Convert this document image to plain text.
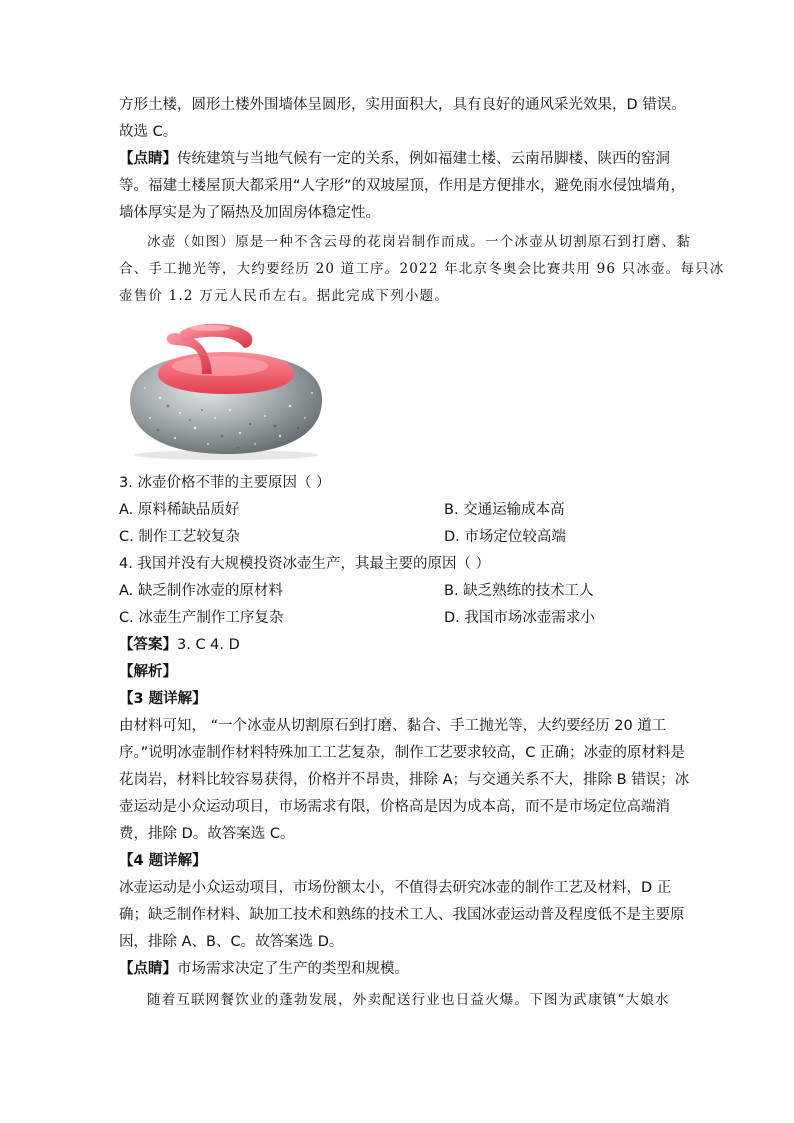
方形土楼，圆形土楼外围墙体呈圆形，实用面积大，具有良好的通风采光效果，D 错误。
故选 C。
【点睛】传统建筑与当地气候有一定的关系，例如福建土楼、云南吊脚楼、陕西的窑洞
等。福建土楼屋顶大都采用“人字形”的双坡屋顶，作用是方便排水，避免雨水侵蚀墙角，
墙体厚实是为了隔热及加固房体稳定性。
冰壶（如图）原是一种不含云母的花岗岩制作而成。一个冰壶从切割原石到打磨、黏
合、手工抛光等，大约要经历 20 道工序。2022 年北京冬奥会比赛共用 96 只冰壶。每只冰
壶售价 1.2 万元人民币左右。据此完成下列小题。
3. 冰壶价格不菲的主要原因（ ）
A. 原料稀缺品质好	B. 交通运输成本高
C. 制作工艺较复杂	D. 市场定位较高端
4. 我国并没有大规模投资冰壶生产，其最主要的原因（ ）
A. 缺乏制作冰壶的原材料	B. 缺乏熟练的技术工人
C. 冰壶生产制作工序复杂	D. 我国市场冰壶需求小
【答案】3. C 4. D
【解析】
【3 题详解】
由材料可知， “一个冰壶从切割原石到打磨、黏合、手工抛光等，大约要经历 20 道工
序。”说明冰壶制作材料特殊加工工艺复杂，制作工艺要求较高，C 正确；冰壶的原材料是
花岗岩，材料比较容易获得，价格并不昂贵，排除 A；与交通关系不大，排除 B 错误；冰
壶运动是小众运动项目，市场需求有限，价格高是因为成本高，而不是市场定位高端消
费，排除 D。故答案选 C。
【4 题详解】
冰壶运动是小众运动项目，市场份额太小，不值得去研究冰壶的制作工艺及材料，D 正
确；缺乏制作材料、缺加工技术和熟练的技术工人、我国冰壶运动普及程度低不是主要原
因，排除 A、B、C。故答案选 D。
【点睛】市场需求决定了生产的类型和规模。
随着互联网餐饮业的蓬勃发展，外卖配送行业也日益火爆。下图为武康镇“大娘水
